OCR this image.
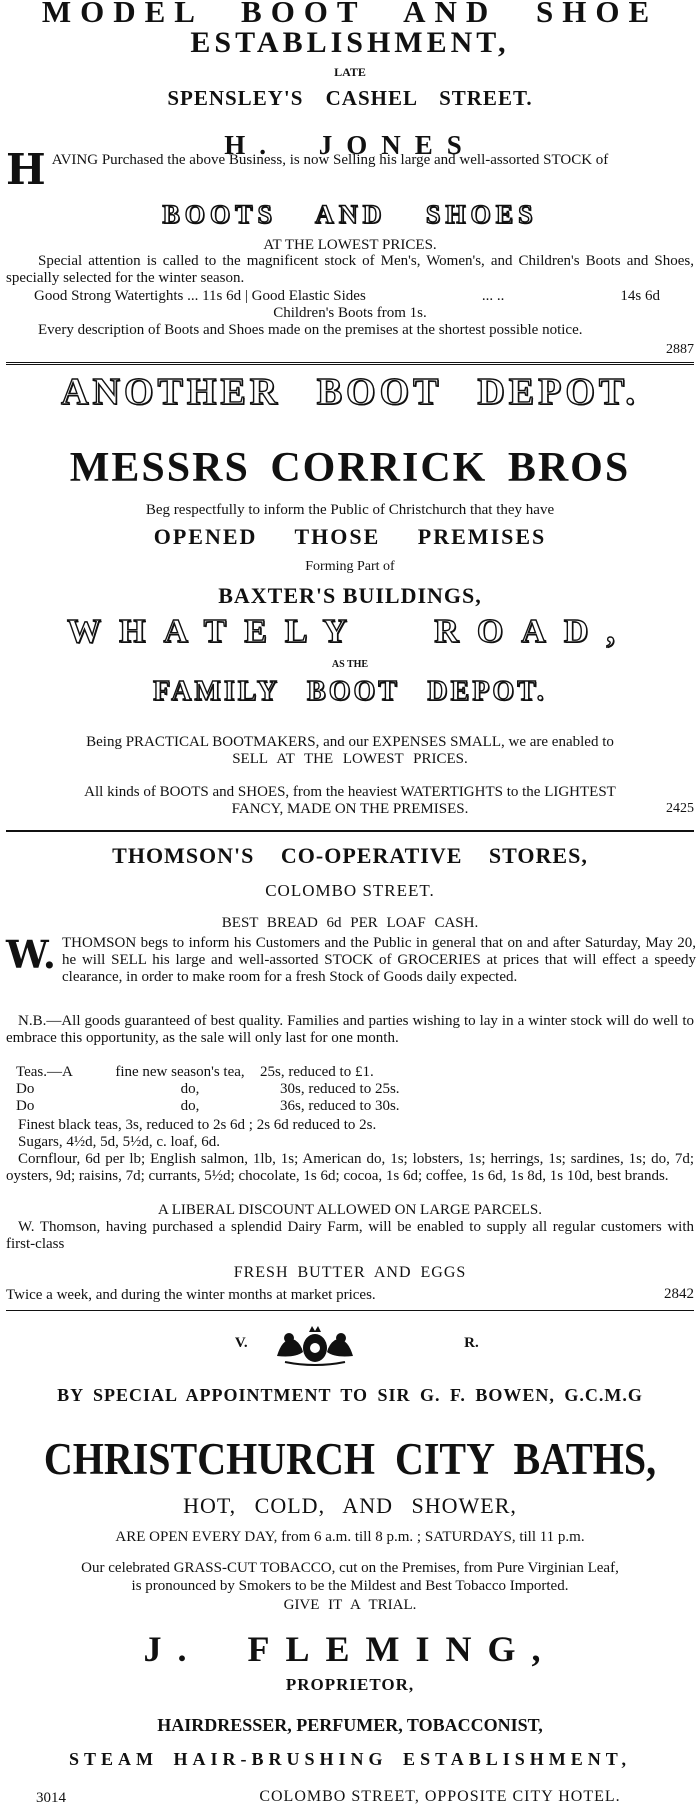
MODEL BOOT AND SHOE
ESTABLISHMENT,
LATE
SPENSLEY'S CASHEL STREET.
H. JONES
H AVING Purchased the above Business, is now Selling his large and well-assorted STOCK of
BOOTS AND SHOES
AT THE LOWEST PRICES.
Special attention is called to the magnificent stock of Men's, Women's, and Children's Boots and Shoes, specially selected for the winter season.
Good Strong Watertights ... 11s 6d | Good Elastic Sides	... ..	14s 6d
Children's Boots from 1s.
Every description of Boots and Shoes made on the premises at the shortest possible notice.
2887
ANOTHER BOOT DEPOT.
MESSRS CORRICK BROS
Beg respectfully to inform the Public of Christchurch that they have
OPENED THOSE PREMISES
Forming Part of
BAXTER'S BUILDINGS,
WHATELY ROAD,
AS THE
FAMILY BOOT DEPOT.
Being PRACTICAL BOOTMAKERS, and our EXPENSES SMALL, we are enabled to
SELL AT THE LOWEST PRICES.
All kinds of BOOTS and SHOES, from the heaviest WATERTIGHTS to the LIGHTEST
FANCY, MADE ON THE PREMISES.	2425
THOMSON'S CO-OPERATIVE STORES,
COLOMBO STREET.
BEST BREAD 6d PER LOAF CASH.
W. THOMSON begs to inform his Customers and the Public in general that on and after Saturday, May 20, he will SELL his large and well-assorted STOCK of GROCERIES at prices that will effect a speedy clearance, in order to make room for a fresh Stock of Goods daily expected.
N.B.—All goods guaranteed of best quality. Families and parties wishing to lay in a winter stock will do well to embrace this opportunity, as the sale will only last for one month.
Teas.—A	fine new season's tea,	25s, reduced to £1.
Do	do,	30s, reduced to 25s.
Do	do,	36s, reduced to 30s.
Finest black teas, 3s, reduced to 2s 6d ; 2s 6d reduced to 2s.
Sugars, 4½d, 5d, 5½d, c. loaf, 6d.
Cornflour, 6d per lb; English salmon, 1lb, 1s; American do, 1s; lobsters, 1s; herrings, 1s; sardines, 1s; do, 7d; oysters, 9d; raisins, 7d; currants, 5½d; chocolate, 1s 6d; cocoa, 1s 6d; coffee, 1s 6d, 1s 8d, 1s 10d, best brands.
A LIBERAL DISCOUNT ALLOWED ON LARGE PARCELS.
W. Thomson, having purchased a splendid Dairy Farm, will be enabled to supply all regular customers with first-class
FRESH BUTTER AND EGGS
Twice a week, and during the winter months at market prices.	2842
V.	R.
BY SPECIAL APPOINTMENT TO SIR G. F. BOWEN, G.C.M.G
CHRISTCHURCH CITY BATHS,
HOT, COLD, AND SHOWER,
ARE OPEN EVERY DAY, from 6 a.m. till 8 p.m. ; SATURDAYS, till 11 p.m.
Our celebrated GRASS-CUT TOBACCO, cut on the Premises, from Pure Virginian Leaf,
is pronounced by Smokers to be the Mildest and Best Tobacco Imported.
GIVE IT A TRIAL.
J. FLEMING,
PROPRIETOR,
HAIRDRESSER, PERFUMER, TOBACCONIST,
STEAM HAIR-BRUSHING ESTABLISHMENT,
3014	COLOMBO STREET, OPPOSITE CITY HOTEL.
